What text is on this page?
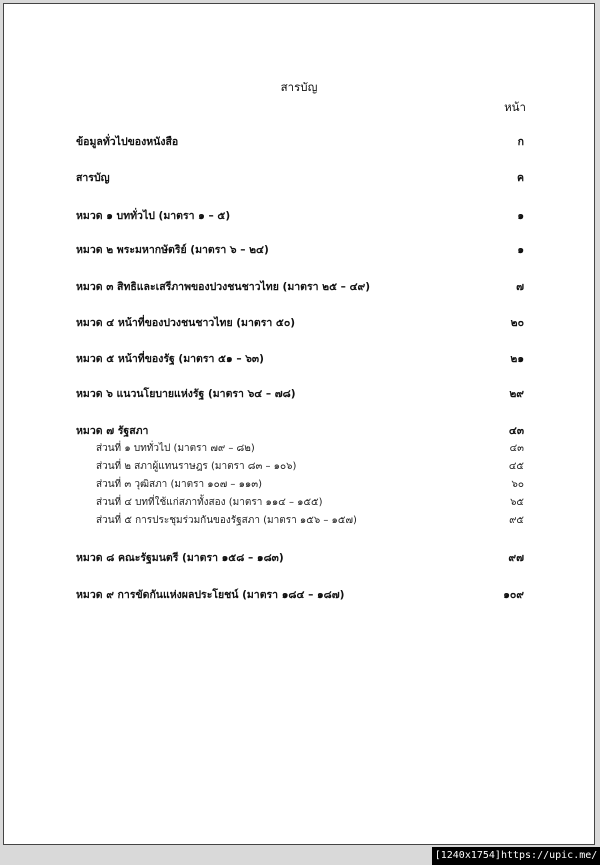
สารบัญ
หน้า
ข้อมูลทั่วไปของหนังสือ	ก
สารบัญ	ค
หมวด ๑ บททั่วไป (มาตรา ๑ – ๕)	๑
หมวด ๒ พระมหากษัตริย์ (มาตรา ๖ – ๒๔)	๑
หมวด ๓ สิทธิและเสรีภาพของปวงชนชาวไทย (มาตรา ๒๕ – ๔๙)	๗
หมวด ๔ หน้าที่ของปวงชนชาวไทย (มาตรา ๕๐)	๒๐
หมวด ๕ หน้าที่ของรัฐ (มาตรา ๕๑ – ๖๓)	๒๑
หมวด ๖ แนวนโยบายแห่งรัฐ (มาตรา ๖๔ – ๗๘)	๒๙
หมวด ๗ รัฐสภา	๔๓
ส่วนที่ ๑ บททั่วไป (มาตรา ๗๙ – ๘๒)	๔๓
ส่วนที่ ๒ สภาผู้แทนราษฎร (มาตรา ๘๓ – ๑๐๖)	๔๕
ส่วนที่ ๓ วุฒิสภา (มาตรา ๑๐๗ – ๑๑๓)	๖๐
ส่วนที่ ๔ บทที่ใช้แก่สภาทั้งสอง (มาตรา ๑๑๔ – ๑๕๕)	๖๕
ส่วนที่ ๕ การประชุมร่วมกันของรัฐสภา (มาตรา ๑๕๖ – ๑๕๗)	๙๕
หมวด ๘ คณะรัฐมนตรี (มาตรา ๑๕๘ – ๑๘๓)	๙๗
หมวด ๙ การขัดกันแห่งผลประโยชน์ (มาตรา ๑๘๔ – ๑๘๗)	๑๐๙
[1240x1754]https://upic.me/
